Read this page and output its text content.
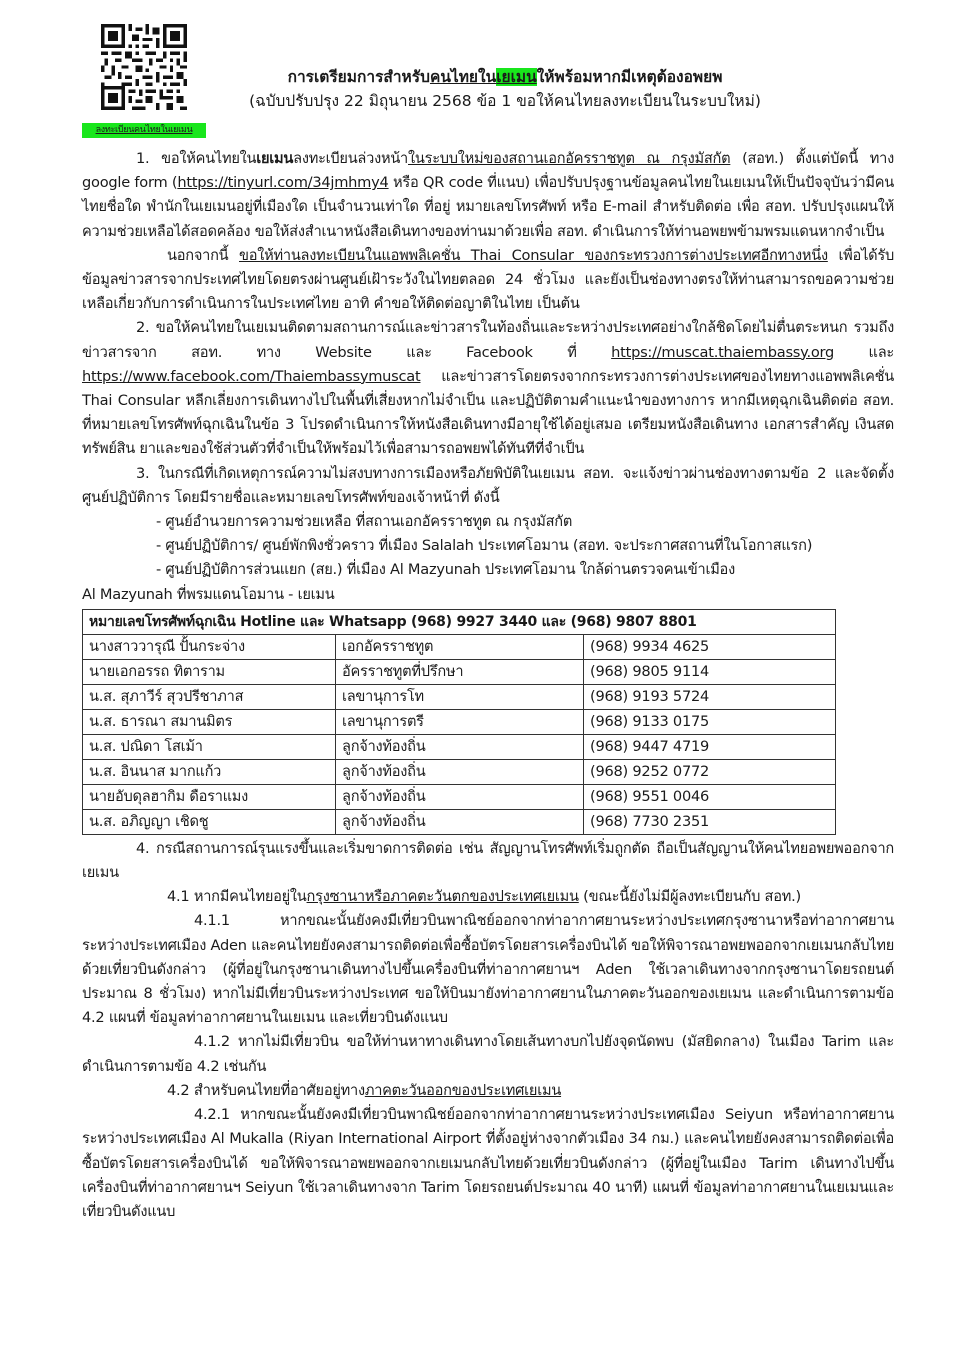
ลงทะเบียนคนไทยในเยเมน
การเตรียมการสำหรับคนไทยในเยเมนให้พร้อมหากมีเหตุต้องอพยพ
(ฉบับปรับปรุง 22 มิถุนายน 2568 ข้อ 1 ขอให้คนไทยลงทะเบียนในระบบใหม่)

1. ขอให้คนไทยในเยเมนลงทะเบียนล่วงหน้าในระบบใหม่ของสถานเอกอัครราชทูต ณ กรุงมัสกัต (สอท.) ตั้งแต่บัดนี้ ทาง google form (https://tinyurl.com/34jmhmy4 หรือ QR code ที่แนบ) เพื่อปรับปรุงฐานข้อมูลคนไทยในเยเมนให้เป็นปัจจุบันว่ามีคนไทยชื่อใด พำนักในเยเมนอยู่ที่เมืองใด เป็นจำนวนเท่าใด ที่อยู่ หมายเลขโทรศัพท์ หรือ E-mail สำหรับติดต่อ เพื่อ สอท. ปรับปรุงแผนให้ความช่วยเหลือได้สอดคล้อง ขอให้ส่งสำเนาหนังสือเดินทางของท่านมาด้วยเพื่อ สอท. ดำเนินการให้ท่านอพยพข้ามพรมแดนหากจำเป็น

นอกจากนี้ ขอให้ท่านลงทะเบียนในแอพพลิเคชั่น Thai Consular ของกระทรวงการต่างประเทศอีกทางหนึ่ง เพื่อได้รับข้อมูลข่าวสารจากประเทศไทยโดยตรงผ่านศูนย์เฝ้าระวังในไทยตลอด 24 ชั่วโมง และยังเป็นช่องทางตรงให้ท่านสามารถขอความช่วยเหลือเกี่ยวกับการดำเนินการในประเทศไทย อาทิ คำขอให้ติดต่อญาติในไทย เป็นต้น

2. ขอให้คนไทยในเยเมนติดตามสถานการณ์และข่าวสารในท้องถิ่นและระหว่างประเทศอย่างใกล้ชิดโดยไม่ตื่นตระหนก รวมถึงข่าวสารจาก สอท. ทาง Website และ Facebook ที่ https://muscat.thaiembassy.org และ https://www.facebook.com/Thaiembassymuscat และข่าวสารโดยตรงจากกระทรวงการต่างประเทศของไทยทางแอพพลิเคชั่น Thai Consular หลีกเลี่ยงการเดินทางไปในพื้นที่เสี่ยงหากไม่จำเป็น และปฏิบัติตามคำแนะนำของทางการ หากมีเหตุฉุกเฉินติดต่อ สอท. ที่หมายเลขโทรศัพท์ฉุกเฉินในข้อ 3 โปรดดำเนินการให้หนังสือเดินทางมีอายุใช้ได้อยู่เสมอ เตรียมหนังสือเดินทาง เอกสารสำคัญ เงินสด ทรัพย์สิน ยาและของใช้ส่วนตัวที่จำเป็นให้พร้อมไว้เพื่อสามารถอพยพได้ทันทีที่จำเป็น

3. ในกรณีที่เกิดเหตุการณ์ความไม่สงบทางการเมืองหรือภัยพิบัติในเยเมน สอท. จะแจ้งข่าวผ่านช่องทางตามข้อ 2 และจัดตั้งศูนย์ปฏิบัติการ โดยมีรายชื่อและหมายเลขโทรศัพท์ของเจ้าหน้าที่ ดังนี้

- ศูนย์อำนวยการความช่วยเหลือ ที่สถานเอกอัครราชทูต ณ กรุงมัสกัต

- ศูนย์ปฏิบัติการ/ ศูนย์พักพิงชั่วคราว ที่เมือง Salalah ประเทศโอมาน (สอท. จะประกาศสถานที่ในโอกาสแรก)

- ศูนย์ปฏิบัติการส่วนแยก (สย.) ที่เมือง Al Mazyunah ประเทศโอมาน ใกล้ด่านตรวจคนเข้าเมือง

Al Mazyunah ที่พรมแดนโอมาน - เยเมน

หมายเลขโทรศัพท์ฉุกเฉิน Hotline และ Whatsapp (968) 9927 3440 และ (968) 9807 8801		
นางสาววารุณี ปั้นกระจ่าง	เอกอัครราชทูต	(968) 9934 4625
นายเอกอรรถ ทิตาราม	อัครราชทูตที่ปรึกษา	(968) 9805 9114
น.ส. สุภาวีร์ สุวปรีชาภาส	เลขานุการโท	(968) 9193 5724
น.ส. ธารณา สมานมิตร	เลขานุการตรี	(968) 9133 0175
น.ส. ปณิดา โสเม้า	ลูกจ้างท้องถิ่น	(968) 9447 4719
น.ส. อินนาส มากแก้ว	ลูกจ้างท้องถิ่น	(968) 9252 0772
นายอับดุลฮากิม ดือราแมง	ลูกจ้างท้องถิ่น	(968) 9551 0046
น.ส. อภิญญา เชิดชู	ลูกจ้างท้องถิ่น	(968) 7730 2351

4. กรณีสถานการณ์รุนแรงขึ้นและเริ่มขาดการติดต่อ เช่น สัญญานโทรศัพท์เริ่มถูกตัด ถือเป็นสัญญานให้คนไทยอพยพออกจากเยเมน

4.1 หากมีคนไทยอยู่ในกรุงซานาหรือภาคตะวันตกของประเทศเยเมน (ขณะนี้ยังไม่มีผู้ลงทะเบียนกับ สอท.)

4.1.1 หากขณะนั้นยังคงมีเที่ยวบินพาณิชย์ออกจากท่าอากาศยานระหว่างประเทศกรุงซานาหรือท่าอากาศยานระหว่างประเทศเมือง Aden และคนไทยยังคงสามารถติดต่อเพื่อซื้อบัตรโดยสารเครื่องบินได้ ขอให้พิจารณาอพยพออกจากเยเมนกลับไทยด้วยเที่ยวบินดังกล่าว (ผู้ที่อยู่ในกรุงซานาเดินทางไปขึ้นเครื่องบินที่ท่าอากาศยานฯ Aden ใช้เวลาเดินทางจากกรุงซานาโดยรถยนต์ประมาณ 8 ชั่วโมง) หากไม่มีเที่ยวบินระหว่างประเทศ ขอให้บินมายังท่าอากาศยานในภาคตะวันออกของเยเมน และดำเนินการตามข้อ 4.2 แผนที่ ข้อมูลท่าอากาศยานในเยเมน และเที่ยวบินดังแนบ

4.1.2 หากไม่มีเที่ยวบิน ขอให้ท่านหาทางเดินทางโดยเส้นทางบกไปยังจุดนัดพบ (มัสยิดกลาง) ในเมือง Tarim และดำเนินการตามข้อ 4.2 เช่นกัน

4.2 สำหรับคนไทยที่อาศัยอยู่ทางภาคตะวันออกของประเทศเยเมน

4.2.1 หากขณะนั้นยังคงมีเที่ยวบินพาณิชย์ออกจากท่าอากาศยานระหว่างประเทศเมือง Seiyun หรือท่าอากาศยานระหว่างประเทศเมือง Al Mukalla (Riyan International Airport ที่ตั้งอยู่ห่างจากตัวเมือง 34 กม.) และคนไทยยังคงสามารถติดต่อเพื่อซื้อบัตรโดยสารเครื่องบินได้ ขอให้พิจารณาอพยพออกจากเยเมนกลับไทยด้วยเที่ยวบินดังกล่าว (ผู้ที่อยู่ในเมือง Tarim เดินทางไปขึ้นเครื่องบินที่ท่าอากาศยานฯ Seiyun ใช้เวลาเดินทางจาก Tarim โดยรถยนต์ประมาณ 40 นาที) แผนที่ ข้อมูลท่าอากาศยานในเยเมนและเที่ยวบินดังแนบ
